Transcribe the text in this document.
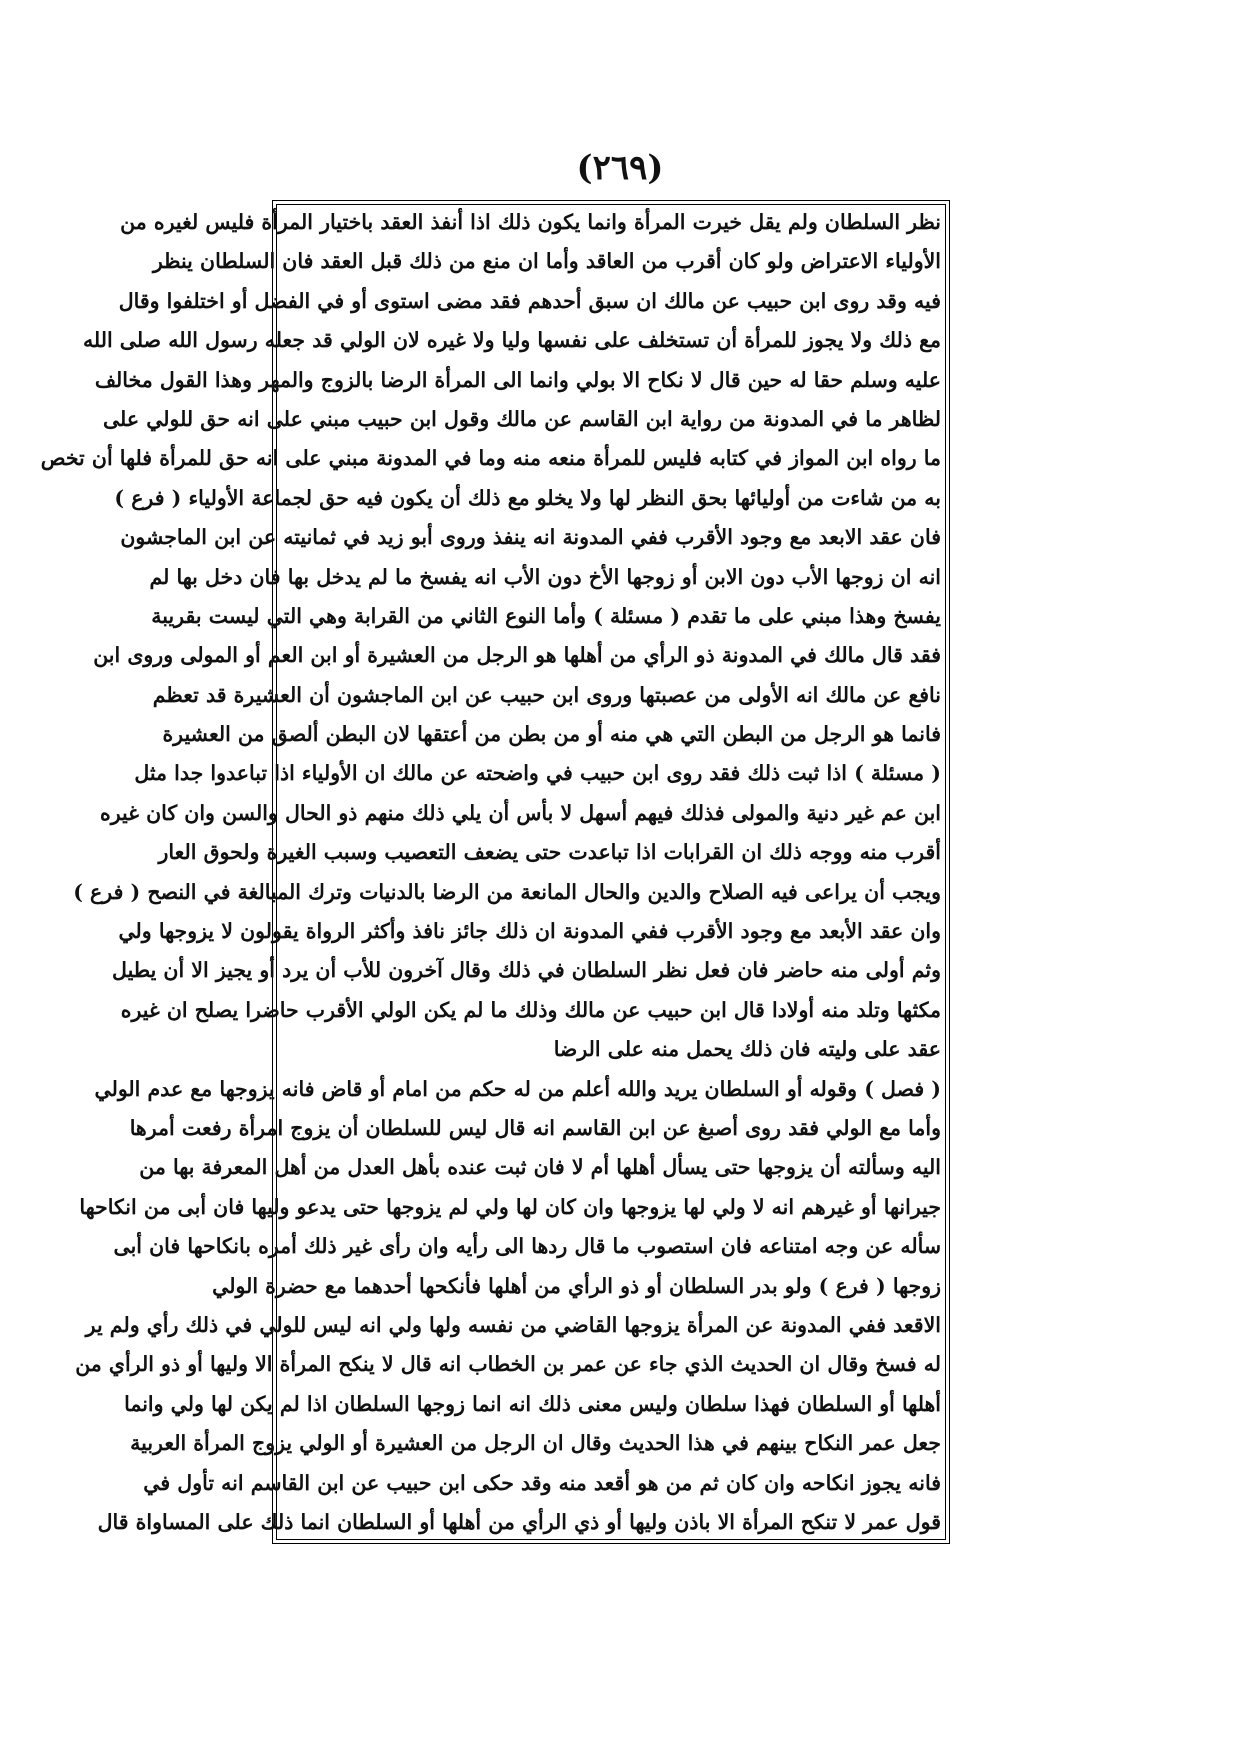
(٢٦٩)
نظر السلطان ولم يقل خيرت المرأة وانما يكون ذلك اذا أنفذ العقد باختيار المرأة فليس لغيره من
الأولياء الاعتراض ولو كان أقرب من العاقد وأما ان منع من ذلك قبل العقد فان السلطان ينظر
فيه وقد روى ابن حبيب عن مالك ان سبق أحدهم فقد مضى استوى أو في الفضل أو اختلفوا وقال
مع ذلك ولا يجوز للمرأة أن تستخلف على نفسها وليا ولا غيره لان الولي قد جعله رسول الله صلى الله
عليه وسلم حقا له حين قال لا نكاح الا بولي وانما الى المرأة الرضا بالزوج والمهر وهذا القول مخالف
لظاهر ما في المدونة من رواية ابن القاسم عن مالك وقول ابن حبيب مبني على انه حق للولي على
ما رواه ابن المواز في كتابه فليس للمرأة منعه منه وما في المدونة مبني على انه حق للمرأة فلها أن تخص
به من شاءت من أوليائها بحق النظر لها ولا يخلو مع ذلك أن يكون فيه حق لجماعة الأولياء ( فرع )
فان عقد الابعد مع وجود الأقرب ففي المدونة انه ينفذ وروى أبو زيد في ثمانيته عن ابن الماجشون
انه ان زوجها الأب دون الابن أو زوجها الأخ دون الأب انه يفسخ ما لم يدخل بها فان دخل بها لم
يفسخ وهذا مبني على ما تقدم ( مسئلة ) وأما النوع الثاني من القرابة وهي التي ليست بقريبة
فقد قال مالك في المدونة ذو الرأي من أهلها هو الرجل من العشيرة أو ابن العم أو المولى وروى ابن
نافع عن مالك انه الأولى من عصبتها وروى ابن حبيب عن ابن الماجشون أن العشيرة قد تعظم
فانما هو الرجل من البطن التي هي منه أو من بطن من أعتقها لان البطن ألصق من العشيرة
( مسئلة ) اذا ثبت ذلك فقد روى ابن حبيب في واضحته عن مالك ان الأولياء اذا تباعدوا جدا مثل
ابن عم غير دنية والمولى فذلك فيهم أسهل لا بأس أن يلي ذلك منهم ذو الحال والسن وان كان غيره
أقرب منه ووجه ذلك ان القرابات اذا تباعدت حتى يضعف التعصيب وسبب الغيرة ولحوق العار
ويجب أن يراعى فيه الصلاح والدين والحال المانعة من الرضا بالدنيات وترك المبالغة في النصح ( فرع )
وان عقد الأبعد مع وجود الأقرب ففي المدونة ان ذلك جائز نافذ وأكثر الرواة يقولون لا يزوجها ولي
وثم أولى منه حاضر فان فعل نظر السلطان في ذلك وقال آخرون للأب أن يرد أو يجيز الا أن يطيل
مكثها وتلد منه أولادا قال ابن حبيب عن مالك وذلك ما لم يكن الولي الأقرب حاضرا يصلح ان غيره
عقد على وليته فان ذلك يحمل منه على الرضا
( فصل ) وقوله أو السلطان يريد والله أعلم من له حكم من امام أو قاض فانه يزوجها مع عدم الولي
وأما مع الولي فقد روى أصبغ عن ابن القاسم انه قال ليس للسلطان أن يزوج امرأة رفعت أمرها
اليه وسألته أن يزوجها حتى يسأل أهلها أم لا فان ثبت عنده بأهل العدل من أهل المعرفة بها من
جيرانها أو غيرهم انه لا ولي لها يزوجها وان كان لها ولي لم يزوجها حتى يدعو وليها فان أبى من انكاحها
سأله عن وجه امتناعه فان استصوب ما قال ردها الى رأيه وان رأى غير ذلك أمره بانكاحها فان أبى
زوجها ( فرع ) ولو بدر السلطان أو ذو الرأي من أهلها فأنكحها أحدهما مع حضرة الولي
الاقعد ففي المدونة عن المرأة يزوجها القاضي من نفسه ولها ولي انه ليس للولي في ذلك رأي ولم ير
له فسخ وقال ان الحديث الذي جاء عن عمر بن الخطاب انه قال لا ينكح المرأة الا وليها أو ذو الرأي من
أهلها أو السلطان فهذا سلطان وليس معنى ذلك انه انما زوجها السلطان اذا لم يكن لها ولي وانما
جعل عمر النكاح بينهم في هذا الحديث وقال ان الرجل من العشيرة أو الولي يزوج المرأة العربية
فانه يجوز انكاحه وان كان ثم من هو أقعد منه وقد حكى ابن حبيب عن ابن القاسم انه تأول في
قول عمر لا تنكح المرأة الا باذن وليها أو ذي الرأي من أهلها أو السلطان انما ذلك على المساواة قال
